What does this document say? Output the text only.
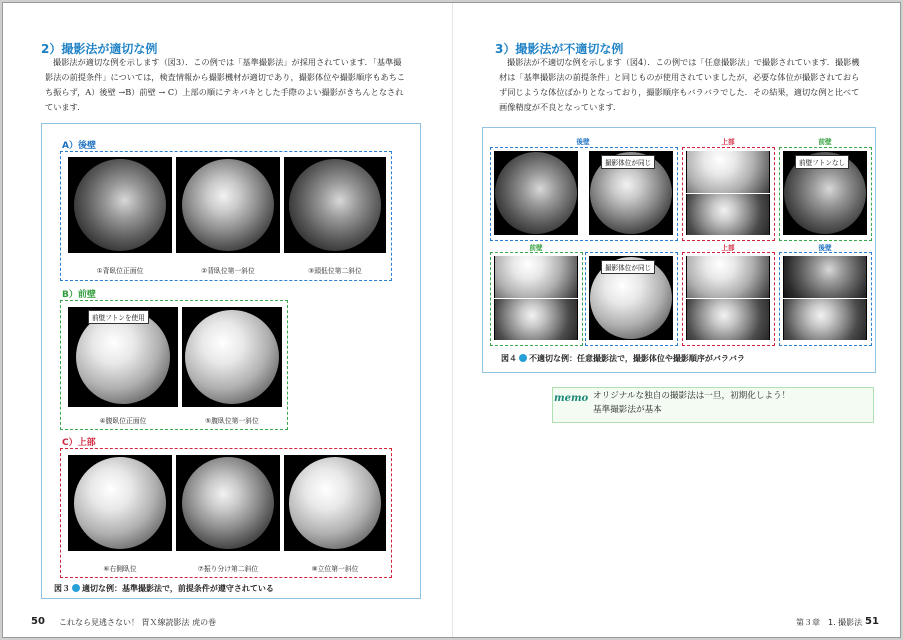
2）撮影法が適切な例

撮影法が適切な例を示します（図3）．この例では「基準撮影法」が採用されています．「基準撮

影法の前提条件」については，検査情報から撮影機材が適切であり，撮影体位や撮影順序もあちこ

ち振らず，A）後壁 →B）前壁 → C）上部の順にテキパキとした手際のよい撮影がきちんとなされ

ています．

A）後壁
①背臥位正面位	②背臥位第一斜位	③頭低位第二斜位
B）前壁
前壁フトンを使用
④腹臥位正面位	⑤腹臥位第一斜位
C）上部
⑥右側臥位	⑦振り分け第二斜位	⑧立位第一斜位
図３ 適切な例：基準撮影法で，前提条件が遵守されている
50 これなら見逃さない！ 胃Ｘ線読影法 虎の巻
3）撮影法が不適切な例

撮影法が不適切な例を示します（図4）．この例では「任意撮影法」で撮影されています．撮影機

材は「基準撮影法の前提条件」と同じものが使用されていましたが，必要な体位が撮影されておら

ず同じような体位ばかりとなっており，撮影順序もバラバラでした．その結果，適切な例と比べて

画像精度が不良となっています．

後壁	上部	前壁
撮影体位が同じ	前壁フトンなし
前壁	上部	後壁
撮影体位が同じ
図４ 不適切な例：任意撮影法で，撮影体位や撮影順序がバラバラ
memo オリジナルな独自の撮影法は一旦，初期化しよう！
基準撮影法が基本
第３章　1. 撮影法 51
